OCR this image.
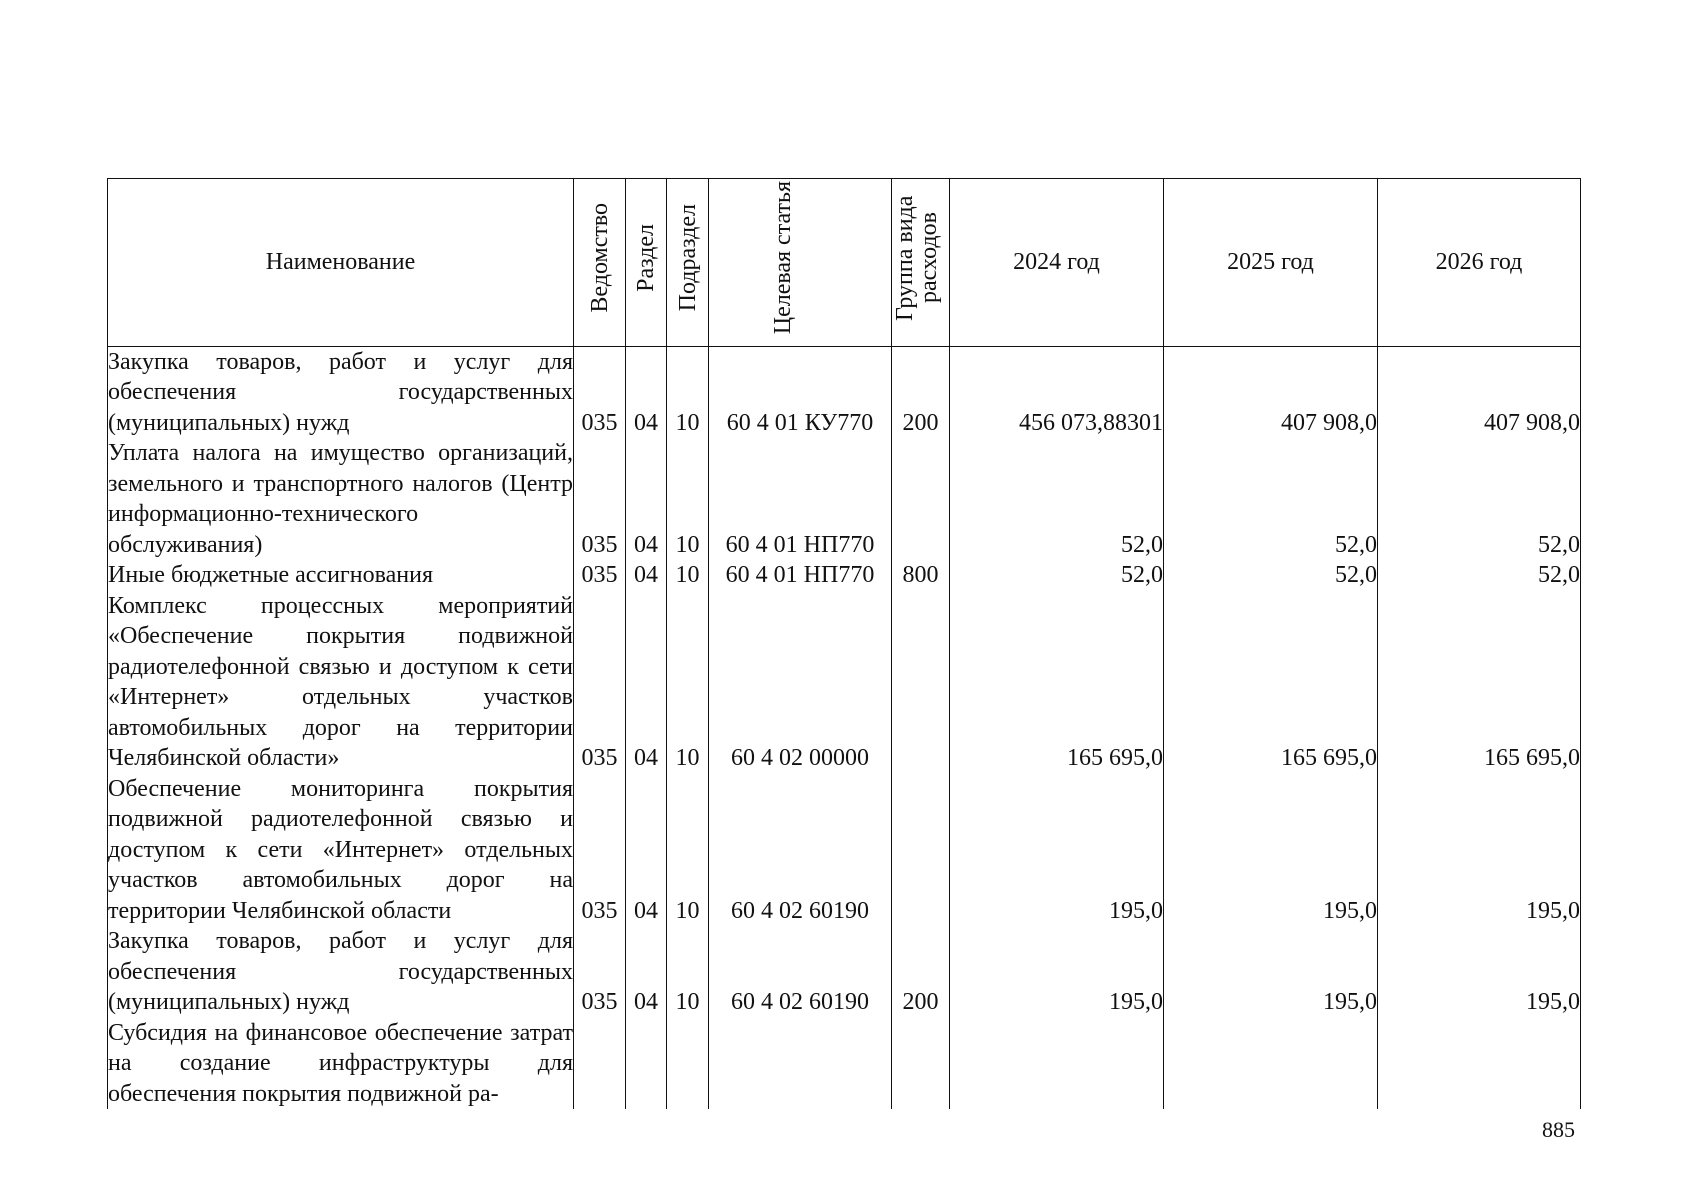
Наименование	Ведомство	Раздел	Подраздел	Целевая статья	Группа вида расходов	2024 год	2025 год	2026 год
Закупка товаров, работ и услуг для обеспечения государственных (муниципальных) нужд	035	04	10	60 4 01 КУ770	200	456 073,88301	407 908,0	407 908,0
Уплата налога на имущество организаций, земельного и транспортного налогов (Центр информационно-технического обслуживания)	035	04	10	60 4 01 НП770		52,0	52,0	52,0
Иные бюджетные ассигнования	035	04	10	60 4 01 НП770	800	52,0	52,0	52,0
Комплекс процессных мероприятий «Обеспечение покрытия подвижной радиотелефонной связью и доступом к сети «Интернет» отдельных участков автомобильных дорог на территории Челябинской области»	035	04	10	60 4 02 00000		165 695,0	165 695,0	165 695,0
Обеспечение мониторинга покрытия подвижной радиотелефонной связью и доступом к сети «Интернет» отдельных участков автомобильных дорог на территории Челябинской области	035	04	10	60 4 02 60190		195,0	195,0	195,0
Закупка товаров, работ и услуг для обеспечения государственных (муниципальных) нужд	035	04	10	60 4 02 60190	200	195,0	195,0	195,0
Субсидия на финансовое обеспечение затрат на создание инфраструктуры для обеспечения покрытия подвижной ра-								
885
